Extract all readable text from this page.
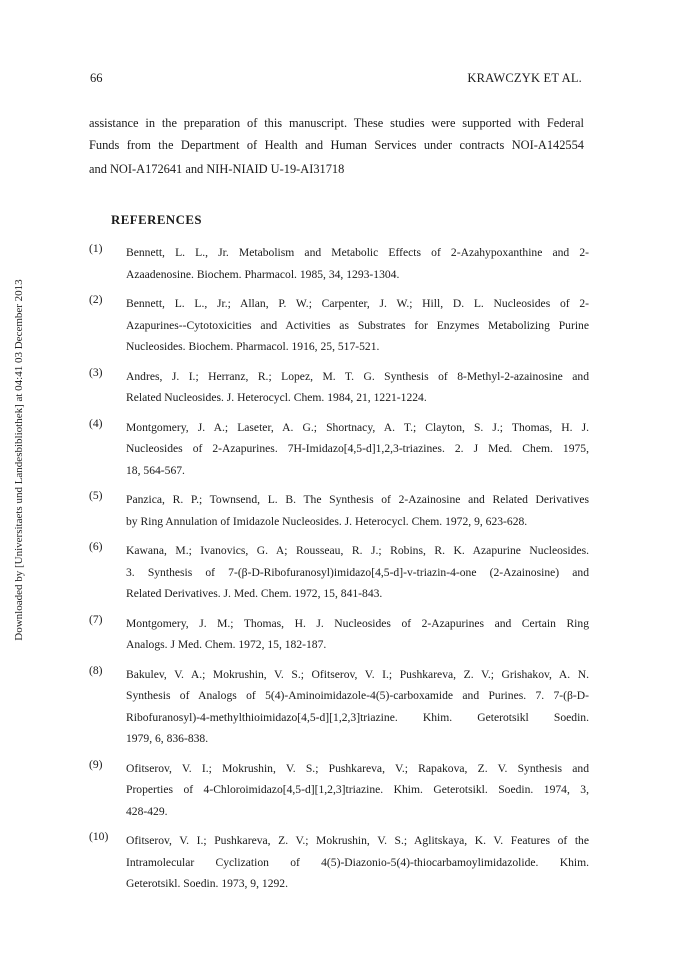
66	KRAWCZYK ET AL.
Downloaded by [Universitaets und Landesbibliothek] at 04:41 03 December 2013
assistance in the preparation of this manuscript. These studies were supported with Federal
Funds from the Department of Health and Human Services under contracts NOI-A142554
and NOI-A172641 and NIH-NIAID U-19-AI31718
REFERENCES
(1)	Bennett, L. L., Jr. Metabolism and Metabolic Effects of 2-Azahypoxanthine and 2-
Azaadenosine. Biochem. Pharmacol. 1985, 34, 1293-1304.
(2)	Bennett, L. L., Jr.; Allan, P. W.; Carpenter, J. W.; Hill, D. L. Nucleosides of 2-
Azapurines--Cytotoxicities and Activities as Substrates for Enzymes Metabolizing Purine
Nucleosides. Biochem. Pharmacol. 1916, 25, 517-521.
(3)	Andres, J. I.; Herranz, R.; Lopez, M. T. G. Synthesis of 8-Methyl-2-azainosine and
Related Nucleosides. J. Heterocycl. Chem. 1984, 21, 1221-1224.
(4)	Montgomery, J. A.; Laseter, A. G.; Shortnacy, A. T.; Clayton, S. J.; Thomas, H. J.
Nucleosides of 2-Azapurines. 7H-Imidazo[4,5-d]1,2,3-triazines. 2. J Med. Chem. 1975,
18, 564-567.
(5)	Panzica, R. P.; Townsend, L. B. The Synthesis of 2-Azainosine and Related Derivatives
by Ring Annulation of Imidazole Nucleosides. J. Heterocycl. Chem. 1972, 9, 623-628.
(6)	Kawana, M.; Ivanovics, G. A; Rousseau, R. J.; Robins, R. K. Azapurine Nucleosides.
3. Synthesis of 7-(β-D-Ribofuranosyl)imidazo[4,5-d]-v-triazin-4-one (2-Azainosine) and
Related Derivatives. J. Med. Chem. 1972, 15, 841-843.
(7)	Montgomery, J. M.; Thomas, H. J. Nucleosides of 2-Azapurines and Certain Ring
Analogs. J Med. Chem. 1972, 15, 182-187.
(8)	Bakulev, V. A.; Mokrushin, V. S.; Ofitserov, V. I.; Pushkareva, Z. V.; Grishakov, A. N.
Synthesis of Analogs of 5(4)-Aminoimidazole-4(5)-carboxamide and Purines. 7. 7-(β-D-
Ribofuranosyl)-4-methylthioimidazo[4,5-d][1,2,3]triazine. Khim. Geterotsikl Soedin.
1979, 6, 836-838.
(9)	Ofitserov, V. I.; Mokrushin, V. S.; Pushkareva, V.; Rapakova, Z. V. Synthesis and
Properties of 4-Chloroimidazo[4,5-d][1,2,3]triazine. Khim. Geterotsikl. Soedin. 1974, 3,
428-429.
(10)	Ofitserov, V. I.; Pushkareva, Z. V.; Mokrushin, V. S.; Aglitskaya, K. V. Features of the
Intramolecular Cyclization of 4(5)-Diazonio-5(4)-thiocarbamoylimidazolide. Khim.
Geterotsikl. Soedin. 1973, 9, 1292.
